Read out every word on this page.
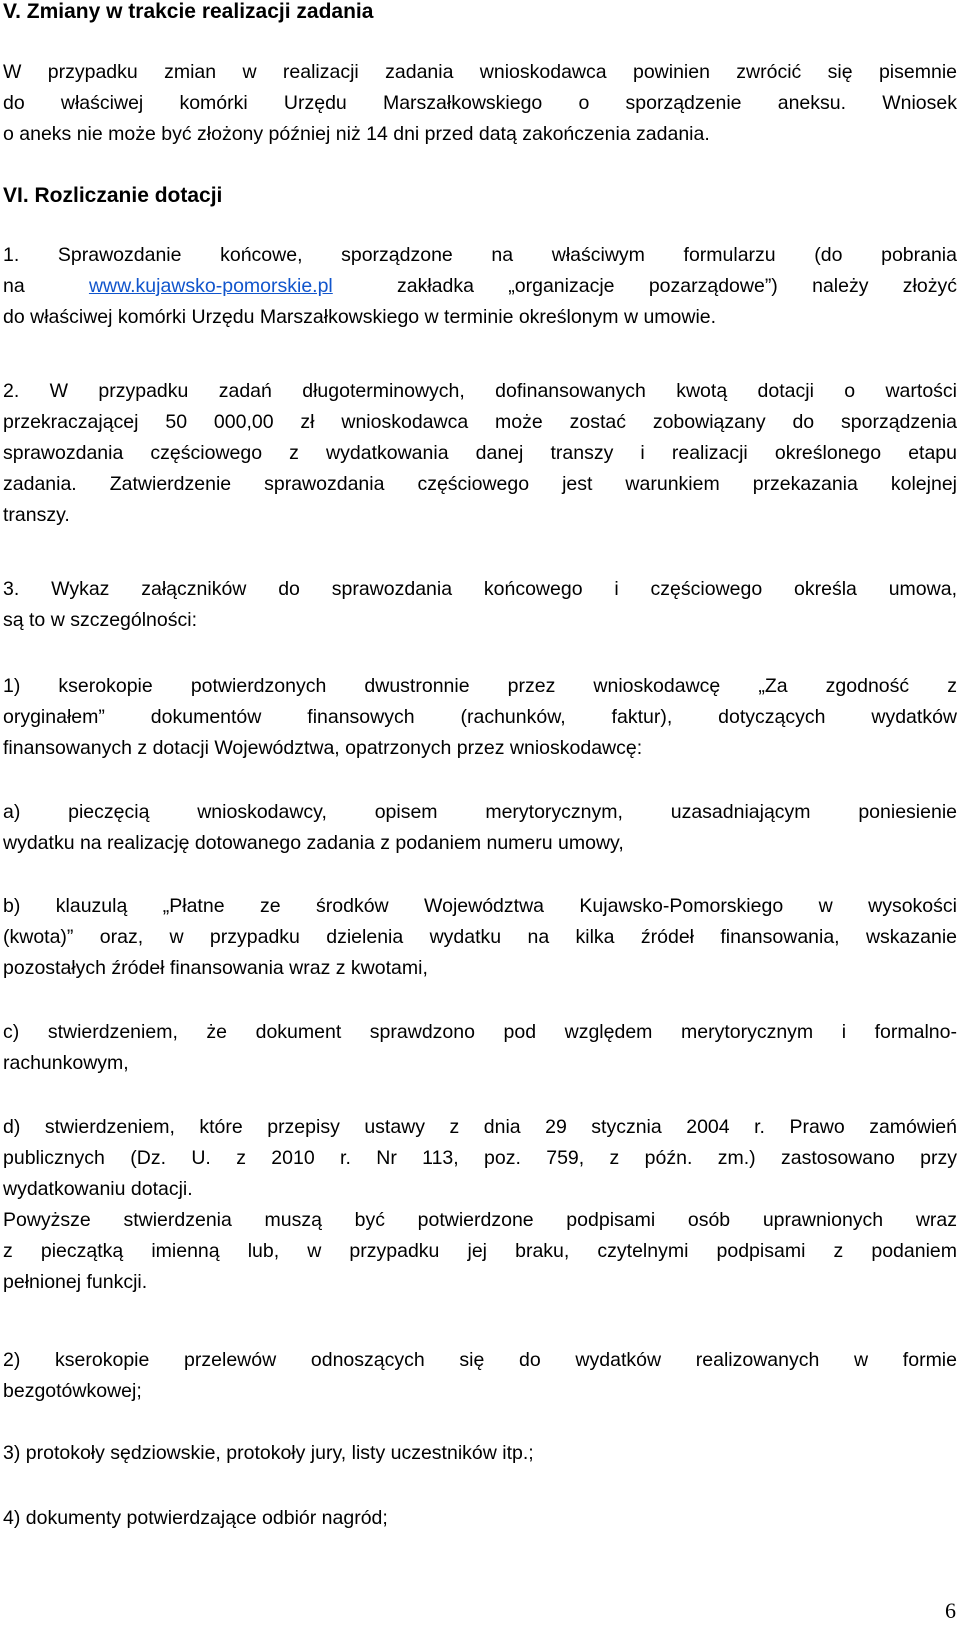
V. Zmiany w trakcie realizacji zadania
W przypadku zmian w realizacji zadania wnioskodawca powinien zwrócić się pisemnie
do właściwej komórki Urzędu Marszałkowskiego o sporządzenie aneksu. Wniosek
o aneks nie może być złożony później niż 14 dni przed datą zakończenia zadania.
VI. Rozliczanie dotacji
1. Sprawozdanie końcowe, sporządzone na właściwym formularzu (do pobrania
na	www.kujawsko-pomorskie.pl	zakładka „organizacje pozarządowe”) należy złożyć
do właściwej komórki Urzędu Marszałkowskiego w terminie określonym w umowie.
2. W przypadku zadań długoterminowych, dofinansowanych kwotą dotacji o wartości
przekraczającej 50 000,00 zł wnioskodawca może zostać zobowiązany do sporządzenia
sprawozdania częściowego z wydatkowania danej transzy i realizacji określonego etapu
zadania. Zatwierdzenie sprawozdania częściowego jest warunkiem przekazania kolejnej
transzy.
3. Wykaz załączników do sprawozdania końcowego i częściowego określa umowa,
są to w szczególności:
1) kserokopie potwierdzonych dwustronnie przez wnioskodawcę „Za zgodność z
oryginałem” dokumentów finansowych (rachunków, faktur), dotyczących wydatków
finansowanych z dotacji Województwa, opatrzonych przez wnioskodawcę:
a) pieczęcią wnioskodawcy, opisem merytorycznym, uzasadniającym poniesienie
wydatku na realizację dotowanego zadania z podaniem numeru umowy,
b) klauzulą „Płatne ze środków Województwa Kujawsko-Pomorskiego w wysokości
(kwota)” oraz, w przypadku dzielenia wydatku na kilka źródeł finansowania, wskazanie
pozostałych źródeł finansowania wraz z kwotami,
c) stwierdzeniem, że dokument sprawdzono pod względem merytorycznym i formalno-
rachunkowym,
d) stwierdzeniem, które przepisy ustawy z dnia 29 stycznia 2004 r. Prawo zamówień
publicznych (Dz. U. z 2010 r. Nr 113, poz. 759, z późn. zm.) zastosowano przy
wydatkowaniu dotacji.
Powyższe stwierdzenia muszą być potwierdzone podpisami osób uprawnionych wraz
z pieczątką imienną lub, w przypadku jej braku, czytelnymi podpisami z podaniem
pełnionej funkcji.
2) kserokopie przelewów odnoszących się do wydatków realizowanych w formie
bezgotówkowej;
3) protokoły sędziowskie, protokoły jury, listy uczestników itp.;
4) dokumenty potwierdzające odbiór nagród;
6
